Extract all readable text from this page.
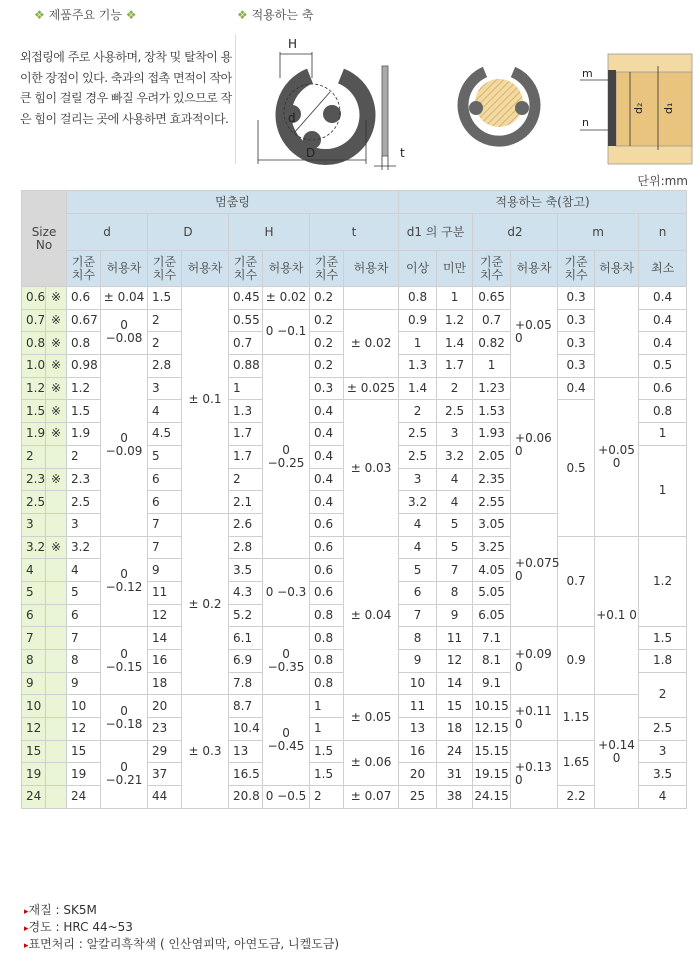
❖ 제품주요 기능 ❖	❖ 적용하는 축
외접링에 주로 사용하며, 장착 및 탈착이 용이한 장점이 있다. 축과의 접촉 면적이 작아 큰 힘이 걸릴 경우 빠질 우려가 있으므로 작은 힘이 걸리는 곳에 사용하면 효과적이다.
H
d
D	t
m
n
d₂ d₁
단위:mm
Size No		멈춤링								적용하는 축(참고)						
		d		D		H		t		d1 의 구분		d2		m		n
		기준 치수	허용차	기준 치수	허용차	기준 치수	허용차	기준 치수	허용차	이상	미만	기준 치수	허용차	기준 치수	허용차	최소
0.6	※	0.6	± 0.04	1.5	± 0.1	0.45	± 0.02	0.2		0.8	1	0.65	+0.05 0	0.3		0.4
0.7	※	0.67	0 −0.08	2		0.55	0 −0.1	0.2	± 0.02	0.9	1.2	0.7		0.3		0.4
0.8	※	0.8		2		0.7		0.2		1	1.4	0.82		0.3		0.4
1.0	※	0.98	0 −0.09	2.8		0.88	0 −0.25	0.2		1.3	1.7	1		0.3		0.5
1.2	※	1.2		3		1		0.3	± 0.025	1.4	2	1.23	+0.06 0	0.4	+0.05 0	0.6
1.5	※	1.5		4		1.3		0.4	± 0.03	2	2.5	1.53		0.5		0.8
1.9	※	1.9		4.5		1.7		0.4		2.5	3	1.93				1
2		2		5		1.7		0.4		2.5	3.2	2.05				1
2.3	※	2.3		6		2		0.4		3	4	2.35				
2.5		2.5		6		2.1		0.4		3.2	4	2.55				
3		3		7	± 0.2	2.6		0.6		4	5	3.05	+0.075 0			
3.2	※	3.2	0 −0.12	7		2.8		0.6	± 0.04	4	5	3.25		0.7	+0.1 0	1.2
4		4		9		3.5	0 −0.3	0.6		5	7	4.05				
5		5		11		4.3		0.6		6	8	5.05				
6		6		12		5.2		0.8		7	9	6.05				
7		7	0 −0.15	14		6.1	0 −0.35	0.8		8	11	7.1	+0.09 0	0.9		1.5
8		8		16		6.9		0.8		9	12	8.1				1.8
9		9		18		7.8		0.8		10	14	9.1				2
10		10	0 −0.18	20	± 0.3	8.7	0 −0.45	1	± 0.05	11	15	10.15	+0.11 0	1.15	+0.14 0	
12		12		23		10.4		1		13	18	12.15				2.5
15		15	0 −0.21	29		13		1.5	± 0.06	16	24	15.15	+0.13 0	1.65		3
19		19		37		16.5		1.5		20	31	19.15				3.5
24		24		44		20.8	0 −0.5	2	± 0.07	25	38	24.15		2.2		4
▸재질 : SK5M
▸경도 : HRC 44~53
▸표면처리 : 알칼리흑착색 ( 인산염피막, 아연도금, 니켈도금)
